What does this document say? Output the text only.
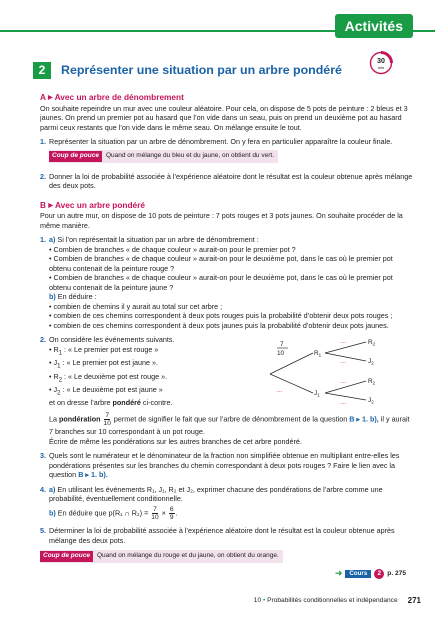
Activités
2	Représenter une situation par un arbre pondéré
30
min
A ▶ Avec un arbre de dénombrement
On souhaite repeindre un mur avec une couleur aléatoire. Pour cela, on dispose de 5 pots de peinture : 2 bleus et 3 jaunes. On prend un premier pot au hasard que l’on vide dans un seau, puis on prend un deuxième pot au hasard parmi ceux restants que l’on vide dans le même seau. On mélange ensuite le tout.
1. Représenter la situation par un arbre de dénombrement. On y fera en particulier apparaître la couleur finale.
Coup de pouce	Quand on mélange du bleu et du jaune, on obtient du vert.
2. Donner la loi de probabilité associée à l’expérience aléatoire dont le résultat est la couleur obtenue après mélange des deux pots.
B ▶ Avec un arbre pondéré
Pour un autre mur, on dispose de 10 pots de peinture : 7 pots rouges et 3 pots jaunes. On souhaite procéder de la même manière.
1. a) Si l’on représentait la situation par un arbre de dénombrement :
• Combien de branches « de chaque couleur » aurait-on pour le premier pot ?
• Combien de branches « de chaque couleur » aurait-on pour le deuxième pot, dans le cas où le premier pot obtenu contenait de la peinture rouge ?
• Combien de branches « de chaque couleur » aurait-on pour le deuxième pot, dans le cas où le premier pot obtenu contenait de la peinture jaune ?
b) En déduire :
• combien de chemins il y aurait au total sur cet arbre ;
• combien de ces chemins correspondent à deux pots rouges puis la probabilité d’obtenir deux pots rouges ;
• combien de ces chemins correspondent à deux pots jaunes puis la probabilité d’obtenir deux pots jaunes.
2. On considère les événements suivants.
• $R_1$ : « Le premier pot est rouge »
• $J_1$ : « Le premier pot est jaune ».
• $R_2$ : « Le deuxième pot est rouge ».
• $J_2$ : « Le deuxième pot est jaune »
et on dresse l’arbre pondéré ci-contre.
La pondération $\frac{7}{10}$ permet de signifier le fait que sur l’arbre de dénombrement de la question B ▸ 1. b), il y aurait 7 branches sur 10 correspondant à un pot rouge.
Écrire de même les pondérations sur les autres branches de cet arbre pondéré.
3. Quels sont le numérateur et le dénominateur de la fraction non simplifiée obtenue en multipliant entre-elles les pondérations présentes sur les branches du chemin correspondant à deux pots rouges ? Faire le lien avec la question B ▸ 1. b).
4. a) En utilisant les événements R₁, J₁, R₂ et J₂, exprimer chacune des pondérations de l’arbre comme une probabilité, éventuellement conditionnelle.
b) En déduire que p(R₁ ∩ $R_2) = \frac{7}{10} \times \frac{6}{9}$ .
5. Déterminer la loi de probabilité associée à l’expérience aléatoire dont le résultat est la couleur obtenue après mélange des deux pots.
Coup de pouce	Quand on mélange du rouge et du jaune, on obtient du orange.
7
10
…
…
…
…
…
$R_1$
$J_1$
$R_2$
$J_2$
$R_2$
$J_2$
➜	Cours	2 p. 275
10 • Probabilités conditionnelles et indépendance 271
